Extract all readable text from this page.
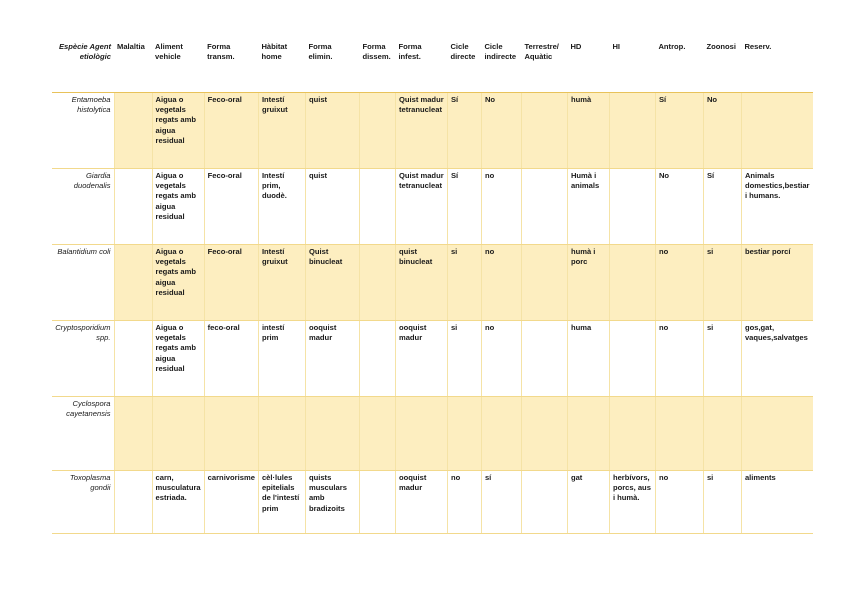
Espècie Agent etiològic	Malaltia	Aliment vehicle	Forma transm.	Hàbitat home	Forma elimin.	Forma dissem.	Forma infest.	Cicle directe	Cicle indirecte	Terrestre/ Aquàtic	HD	HI	Antrop.	Zoonosi	Reserv.
Entamoeba histolytica		Aigua o vegetals regats amb aigua residual	Feco-oral	Intestí gruixut	quist		Quist madur tetranucleat	Sí	No		humà		Sí	No	
Giardia duodenalis		Aigua o vegetals regats amb aigua residual	Feco-oral	Intestí prim, duodè.	quist		Quist madur tetranucleat	Sí	no		Humà i animals		No	Sí	Animals domestics,bestiar i humans.
Balantidium coli		Aigua o vegetals regats amb aigua residual	Feco-oral	Intestí gruixut	Quist binucleat		quist binucleat	si	no		humà i porc		no	si	bestiar porcí
Cryptosporidium spp.		Aigua o vegetals regats amb aigua residual	feco-oral	intestí prim	ooquist madur		ooquist madur	si	no		huma		no	si	gos,gat, vaques,salvatges
Cyclospora cayetanensis															
Toxoplasma gondii		carn, musculatura estriada.	carnivorisme	cèl·lules epitelials de l'intestí prim	quists musculars amb bradizoits		ooquist madur	no	sí		gat	herbívors, porcs, aus i humà.	no	si	aliments
